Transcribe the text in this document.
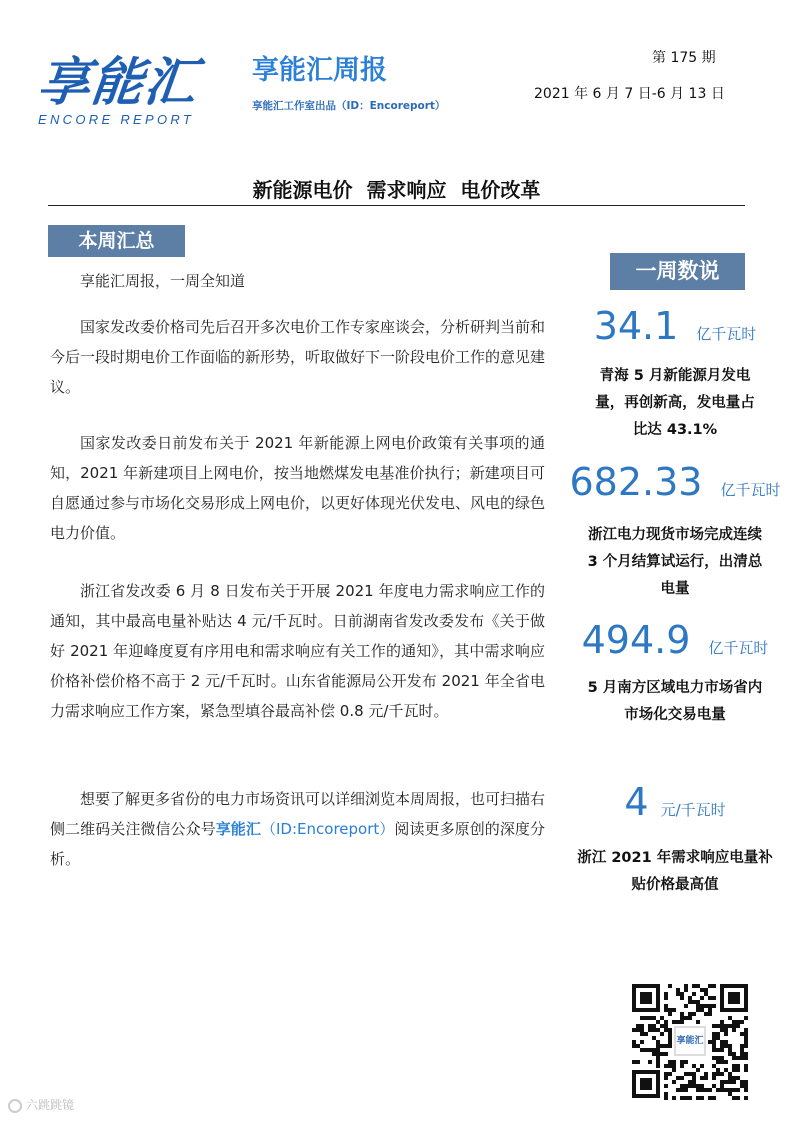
享能汇
ENCORE REPORT
享能汇周报
享能汇工作室出品（ID：Encoreport）
第 175 期
2021 年 6 月 7 日-6 月 13 日
新能源电价  需求响应  电价改革
本周汇总
享能汇周报，一周全知道
国家发改委价格司先后召开多次电价工作专家座谈会，分析研判当前和今后一段时期电价工作面临的新形势，听取做好下一阶段电价工作的意见建议。
国家发改委日前发布关于 2021 年新能源上网电价政策有关事项的通知，2021 年新建项目上网电价，按当地燃煤发电基准价执行；新建项目可自愿通过参与市场化交易形成上网电价，以更好体现光伏发电、风电的绿色电力价值。
浙江省发改委 6 月 8 日发布关于开展 2021 年度电力需求响应工作的通知，其中最高电量补贴达 4 元/千瓦时。日前湖南省发改委发布《关于做好 2021 年迎峰度夏有序用电和需求响应有关工作的通知》，其中需求响应价格补偿价格不高于 2 元/千瓦时。山东省能源局公开发布 2021 年全省电力需求响应工作方案，紧急型填谷最高补偿 0.8 元/千瓦时。
想要了解更多省份的电力市场资讯可以详细浏览本周周报，也可扫描右侧二维码关注微信公众号享能汇（ID:Encoreport）阅读更多原创的深度分析。
一周数说
34.1 亿千瓦时
青海 5 月新能源月发电
量，再创新高，发电量占
比达 43.1%
682.33 亿千瓦时
浙江电力现货市场完成连续
3 个月结算试运行，出清总
电量
494.9 亿千瓦时
5 月南方区域电力市场省内
市场化交易电量
4 元/千瓦时
浙江 2021 年需求响应电量补
贴价格最高值
享能汇
六跳跳镜
